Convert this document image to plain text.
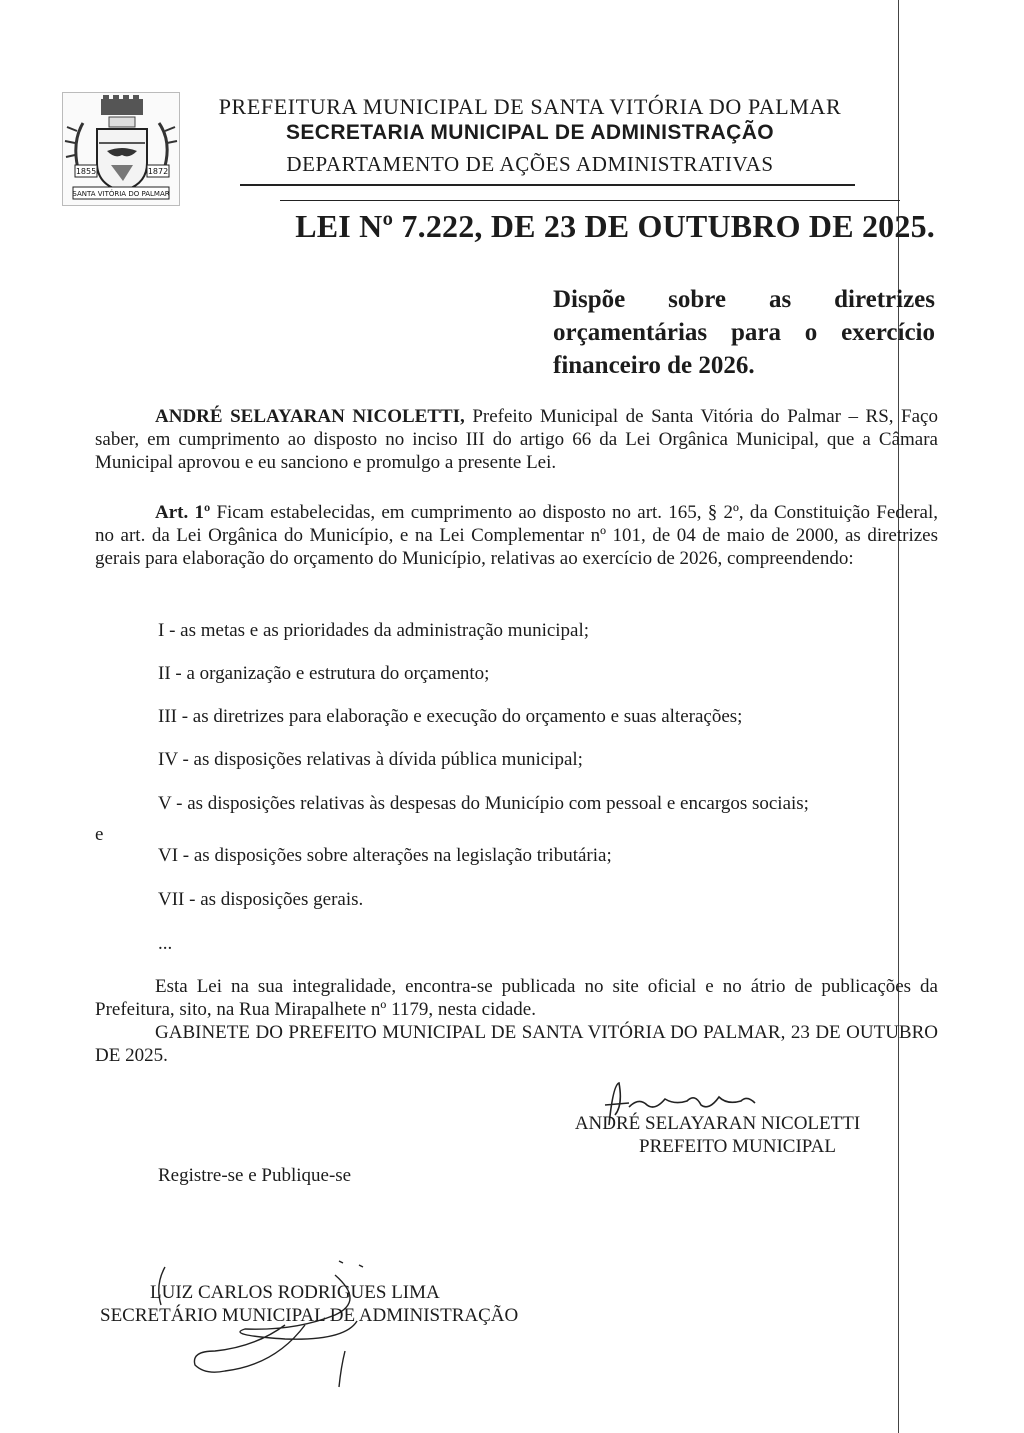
1855	1872
SANTA VITÓRIA DO PALMAR
PREFEITURA MUNICIPAL DE SANTA VITÓRIA DO PALMAR
SECRETARIA MUNICIPAL DE ADMINISTRAÇÃO
DEPARTAMENTO DE AÇÕES ADMINISTRATIVAS
LEI Nº 7.222, DE 23 DE OUTUBRO DE 2025.
Dispõe sobre as diretrizes
orçamentárias para o exercício
financeiro de 2026.
ANDRÉ SELAYARAN NICOLETTI, Prefeito Municipal de Santa Vitória do Palmar – RS, Faço saber, em cumprimento ao disposto no inciso III do artigo 66 da Lei Orgânica Municipal, que a Câmara Municipal aprovou e eu sanciono e promulgo a presente Lei.
Art. 1º Ficam estabelecidas, em cumprimento ao disposto no art. 165, § 2º, da Constituição Federal, no art. da Lei Orgânica do Município, e na Lei Complementar nº 101, de 04 de maio de 2000, as diretrizes gerais para elaboração do orçamento do Município, relativas ao exercício de 2026, compreendendo:
I - as metas e as prioridades da administração municipal;
II - a organização e estrutura do orçamento;
III - as diretrizes para elaboração e execução do orçamento e suas alterações;
IV - as disposições relativas à dívida pública municipal;
V - as disposições relativas às despesas do Município com pessoal e encargos sociais;
e
VI - as disposições sobre alterações na legislação tributária;
VII - as disposições gerais.
...
Esta Lei na sua integralidade, encontra-se publicada no site oficial e no átrio de publicações da Prefeitura, sito, na Rua Mirapalhete nº 1179, nesta cidade.
GABINETE DO PREFEITO MUNICIPAL DE SANTA VITÓRIA DO PALMAR, 23 DE OUTUBRO DE 2025.
ANDRÉ SELAYARAN NICOLETTI
PREFEITO MUNICIPAL
Registre-se e Publique-se
LUIZ CARLOS RODRIGUES LIMA
SECRETÁRIO MUNICIPAL DE ADMINISTRAÇÃO
